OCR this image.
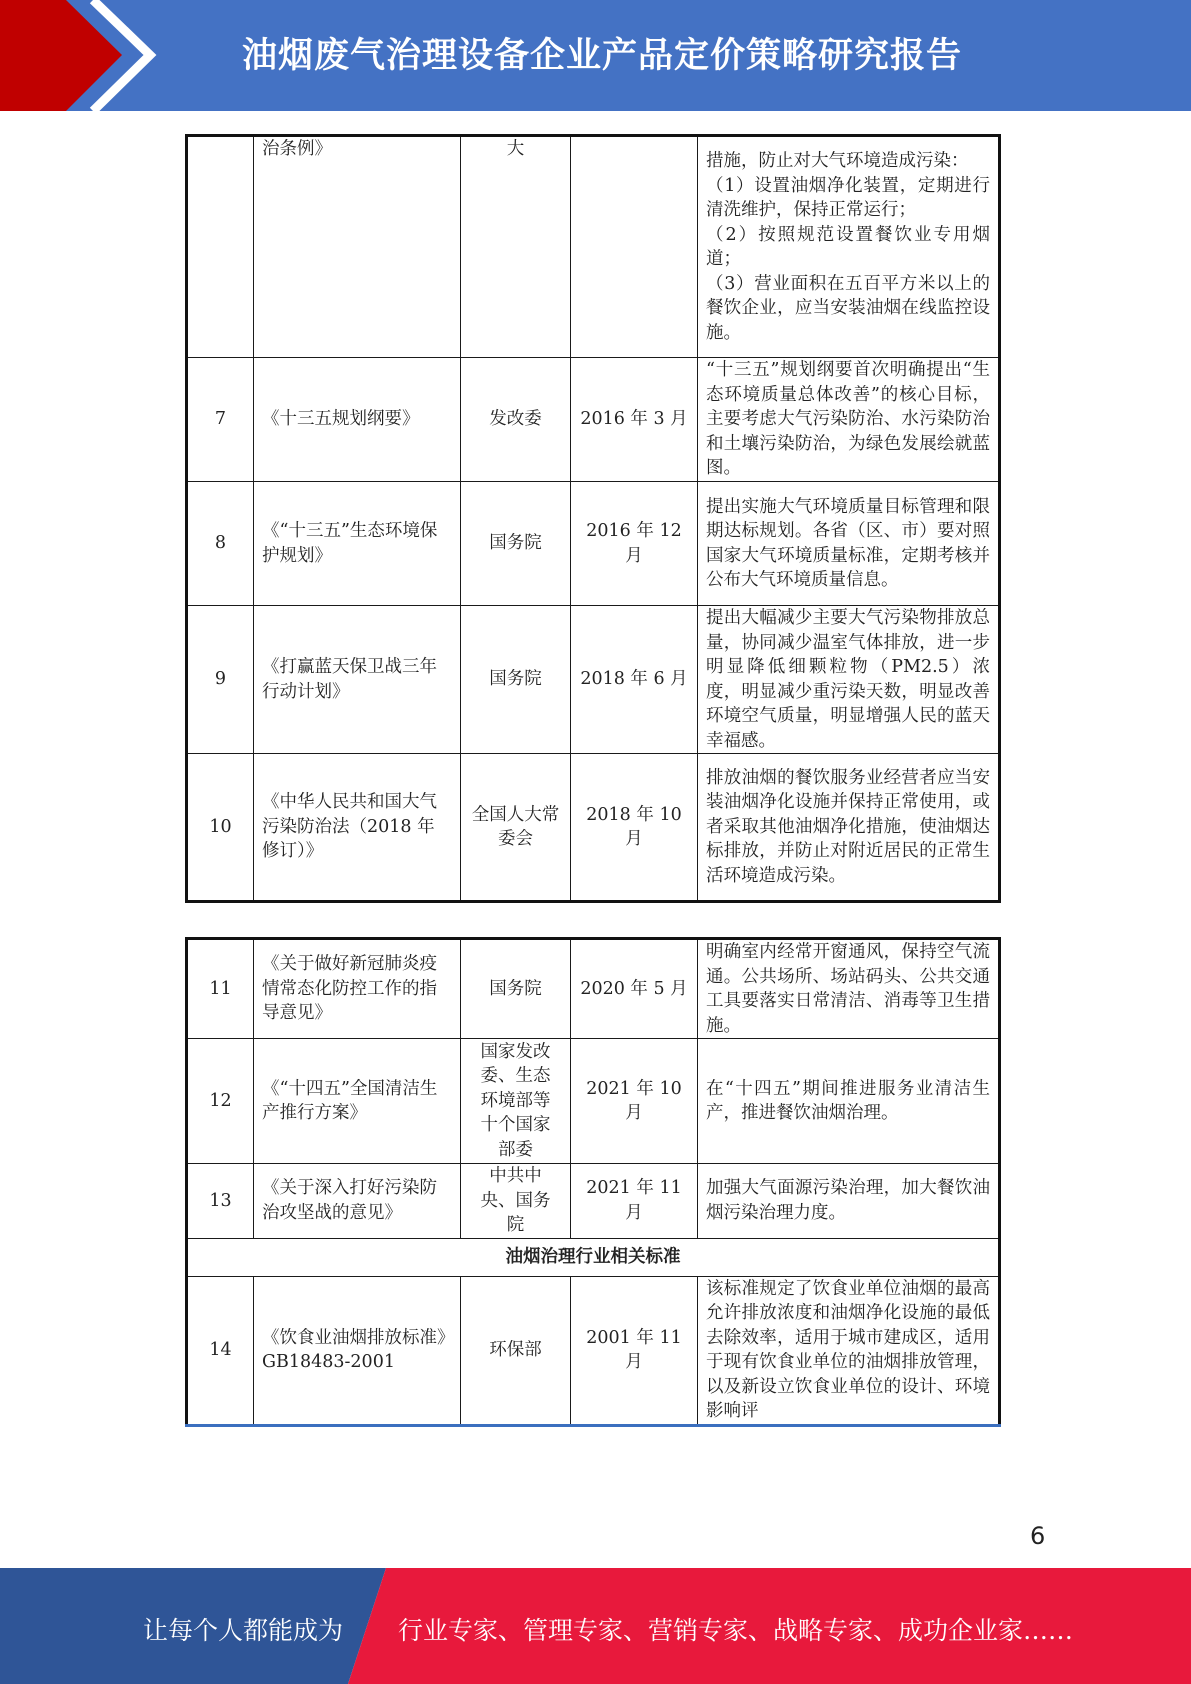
油烟废气治理设备企业产品定价策略研究报告
	治条例》	大		措施，防止对大气环境造成污染：
（1）设置油烟净化装置，定期进行清洗维护，保持正常运行；
（2）按照规范设置餐饮业专用烟道；
（3）营业面积在五百平方米以上的餐饮企业，应当安装油烟在线监控设施。
7	《十三五规划纲要》	发改委	2016 年 3 月	“十三五”规划纲要首次明确提出“生态环境质量总体改善”的核心目标，主要考虑大气污染防治、水污染防治和土壤污染防治，为绿色发展绘就蓝图。
8	《“十三五”生态环境保护规划》	国务院	2016 年 12 月	提出实施大气环境质量目标管理和限期达标规划。各省（区、市）要对照国家大气环境质量标准，定期考核并公布大气环境质量信息。
9	《打赢蓝天保卫战三年行动计划》	国务院	2018 年 6 月	提出大幅减少主要大气污染物排放总量，协同减少温室气体排放，进一步明显降低细颗粒物（PM2.5）浓度，明显减少重污染天数，明显改善环境空气质量，明显增强人民的蓝天幸福感。
10	《中华人民共和国大气污染防治法（2018 年修订）》	全国人大常委会	2018 年 10 月	排放油烟的餐饮服务业经营者应当安装油烟净化设施并保持正常使用，或者采取其他油烟净化措施，使油烟达标排放，并防止对附近居民的正常生活环境造成污染。
11	《关于做好新冠肺炎疫情常态化防控工作的指导意见》	国务院	2020 年 5 月	明确室内经常开窗通风，保持空气流通。公共场所、场站码头、公共交通工具要落实日常清洁、消毒等卫生措施。
12	《“十四五”全国清洁生产推行方案》	国家发改委、生态环境部等十个国家部委	2021 年 10 月	在“十四五”期间推进服务业清洁生产，推进餐饮油烟治理。
13	《关于深入打好污染防治攻坚战的意见》	中共中央、国务院	2021 年 11 月	加强大气面源污染治理，加大餐饮油烟污染治理力度。
油烟治理行业相关标准				
14	《饮食业油烟排放标准》GB18483-2001	环保部	2001 年 11 月	该标准规定了饮食业单位油烟的最高允许排放浓度和油烟净化设施的最低去除效率，适用于城市建成区，适用于现有饮食业单位的油烟排放管理，以及新设立饮食业单位的设计、环境影响评
6
让每个人都能成为 行业专家、管理专家、营销专家、战略专家、成功企业家……
